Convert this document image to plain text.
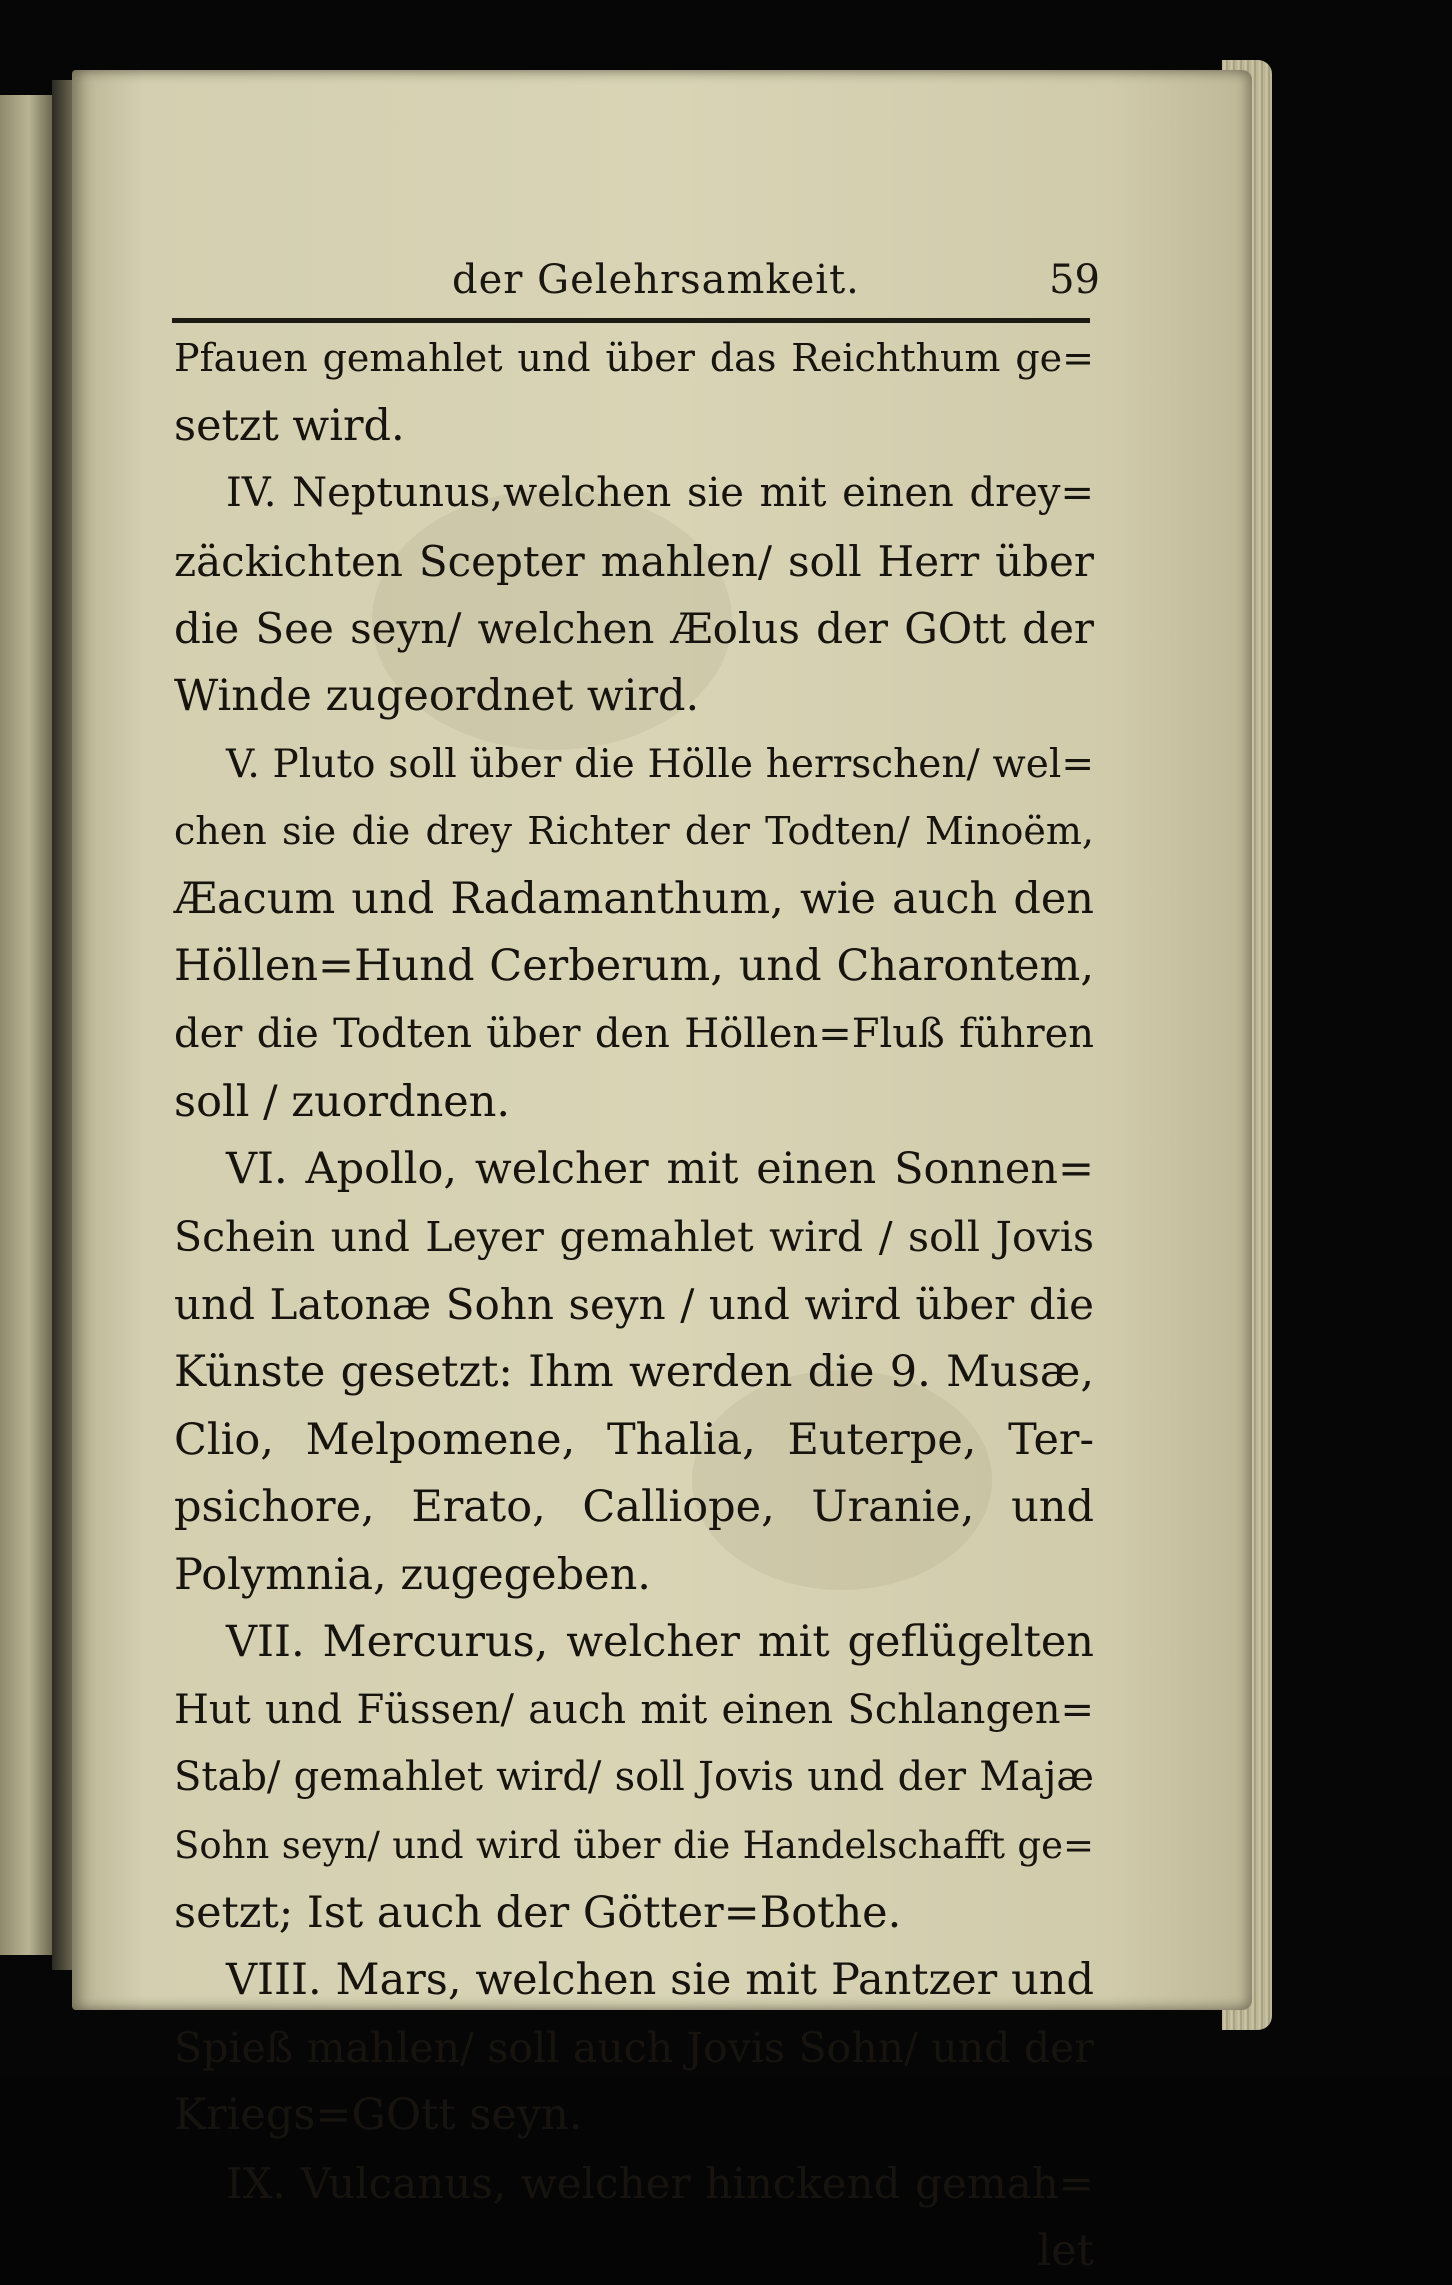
der Gelehrsamkeit.	59
Pfauen gemahlet und über das Reichthum ge=
setzt wird.
IV. Neptunus,welchen sie mit einen drey=
zäckichten Scepter mahlen/ soll Herr über
die See seyn/ welchen Æolus der GOtt der
Winde zugeordnet wird.
V. Pluto soll über die Hölle herrschen/ wel=
chen sie die drey Richter der Todten/ Minoëm,
Æacum und Radamanthum, wie auch den
Höllen=Hund Cerberum, und Charontem,
der die Todten über den Höllen=Fluß führen
soll / zuordnen.
VI. Apollo, welcher mit einen Sonnen=
Schein und Leyer gemahlet wird / soll Jovis
und Latonæ Sohn seyn / und wird über die
Künste gesetzt: Ihm werden die 9. Musæ,
Clio, Melpomene, Thalia, Euterpe, Ter-
psichore, Erato, Calliope, Uranie, und
Polymnia, zugegeben.
VII. Mercurus, welcher mit geflügelten
Hut und Füssen/ auch mit einen Schlangen=
Stab/ gemahlet wird/ soll Jovis und der Majæ
Sohn seyn/ und wird über die Handelschafft ge=
setzt; Ist auch der Götter=Bothe.
VIII. Mars, welchen sie mit Pantzer und
Spieß mahlen/ soll auch Jovis Sohn/ und der
Kriegs=GOtt seyn.
IX. Vulcanus, welcher hinckend gemah=
let
